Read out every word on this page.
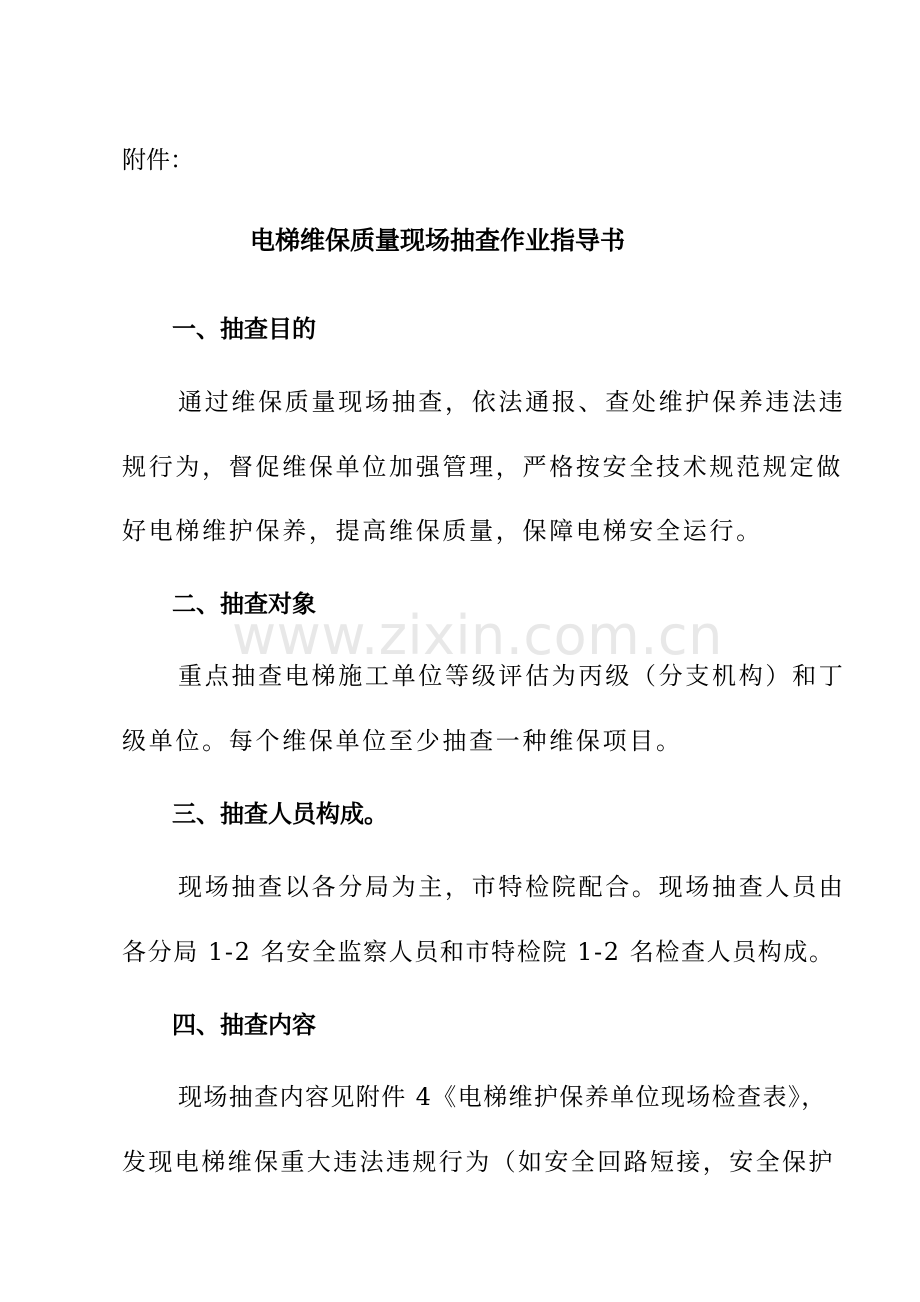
www.zixin.com.cn
附件：
电梯维保质量现场抽查作业指导书
一、抽查目的
通过维保质量现场抽查，依法通报、查处维护保养违法违
规行为，督促维保单位加强管理，严格按安全技术规范规定做
好电梯维护保养，提高维保质量，保障电梯安全运行。
二、抽查对象
重点抽查电梯施工单位等级评估为丙级（分支机构）和丁
级单位。每个维保单位至少抽查一种维保项目。
三、抽查人员构成。
现场抽查以各分局为主，市特检院配合。现场抽查人员由
各分局 1-2 名安全监察人员和市特检院 1-2 名检查人员构成。
四、抽查内容
现场抽查内容见附件 4《电梯维护保养单位现场检查表》，
发现电梯维保重大违法违规行为（如安全回路短接，安全保护
